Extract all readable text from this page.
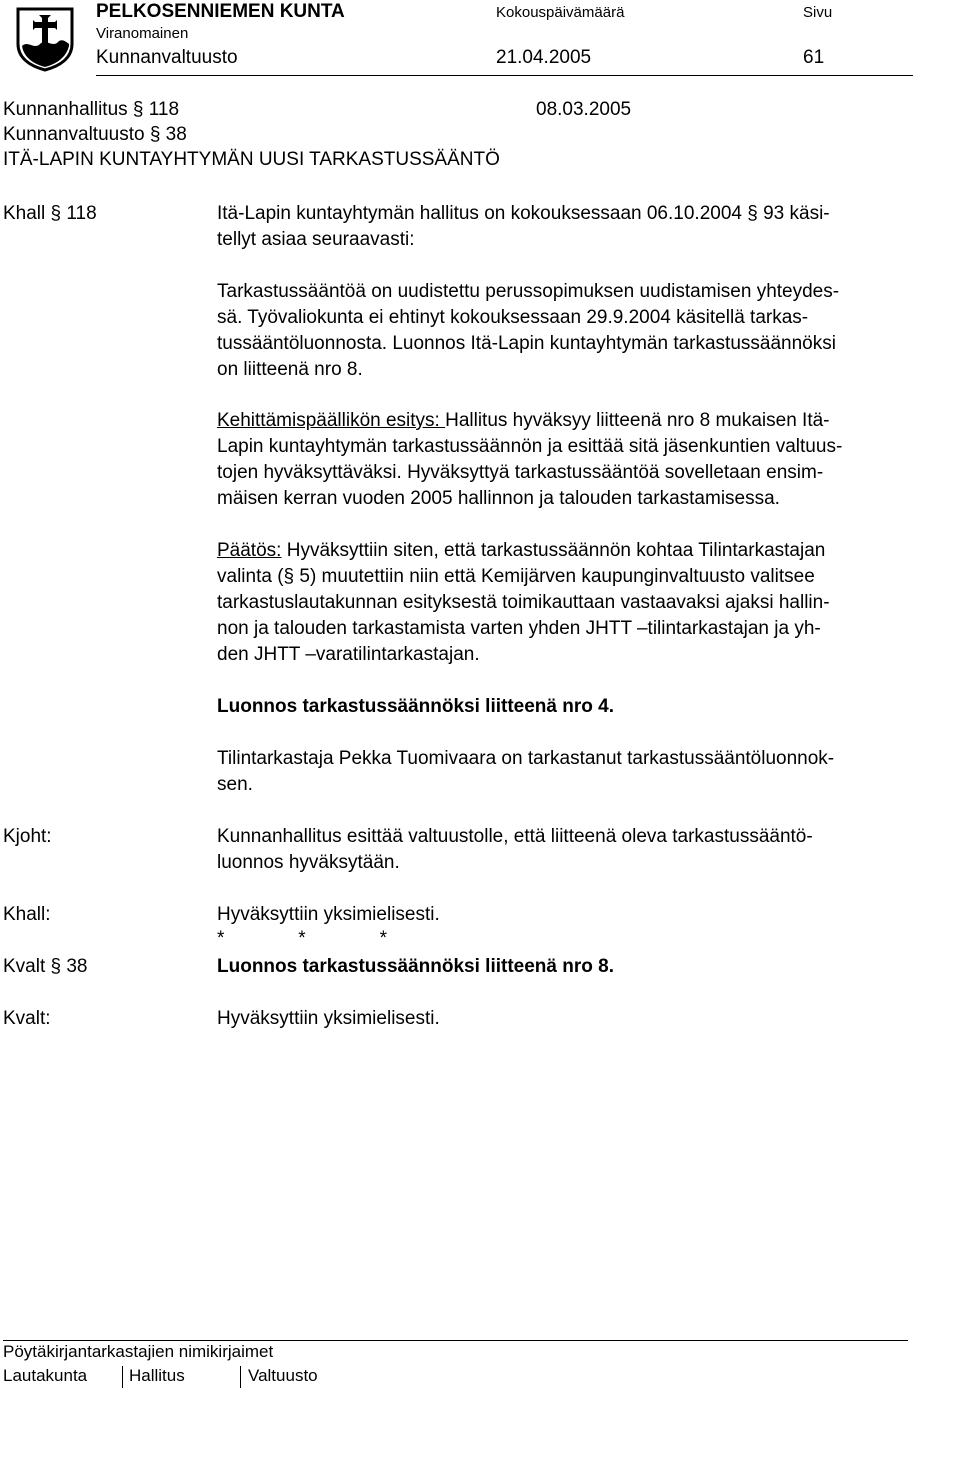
PELKOSENNIEMEN KUNTA
Viranomainen
Kokouspäivämäärä	Sivu
Kunnanvaltuusto	21.04.2005	61
Kunnanhallitus § 118	08.03.2005
Kunnanvaltuusto § 38
ITÄ-LAPIN KUNTAYHTYMÄN UUSI TARKASTUSSÄÄNTÖ
Khall § 118	Itä-Lapin kuntayhtymän hallitus on kokouksessaan 06.10.2004 § 93 käsi-
tellyt asiaa seuraavasti:
Tarkastussääntöä on uudistettu perussopimuksen uudistamisen yhteydes-
sä. Työvaliokunta ei ehtinyt kokouksessaan 29.9.2004 käsitellä tarkas-
tussääntöluonnosta. Luonnos Itä-Lapin kuntayhtymän tarkastussäännöksi
on liitteenä nro 8.
Kehittämispäällikön esitys: Hallitus hyväksyy liitteenä nro 8 mukaisen Itä-
Lapin kuntayhtymän tarkastussäännön ja esittää sitä jäsenkuntien valtuus-
tojen hyväksyttäväksi. Hyväksyttyä tarkastussääntöä sovelletaan ensim-
mäisen kerran vuoden 2005 hallinnon ja talouden tarkastamisessa.
Päätös: Hyväksyttiin siten, että tarkastussäännön kohtaa Tilintarkastajan
valinta (§ 5) muutettiin niin että Kemijärven kaupunginvaltuusto valitsee
tarkastuslautakunnan esityksestä toimikauttaan vastaavaksi ajaksi hallin-
non ja talouden tarkastamista varten yhden JHTT –tilintarkastajan ja yh-
den JHTT –varatilintarkastajan.
Luonnos tarkastussäännöksi liitteenä nro 4.
Tilintarkastaja Pekka Tuomivaara on tarkastanut tarkastussääntöluonnok-
sen.
Kjoht:	Kunnanhallitus esittää valtuustolle, että liitteenä oleva tarkastussääntö-
luonnos hyväksytään.
Khall:	Hyväksyttiin yksimielisesti.
*              *              *
Kvalt § 38	Luonnos tarkastussäännöksi liitteenä nro 8.
Kvalt:	Hyväksyttiin yksimielisesti.
Pöytäkirjantarkastajien nimikirjaimet
Lautakunta Hallitus	Valtuusto
